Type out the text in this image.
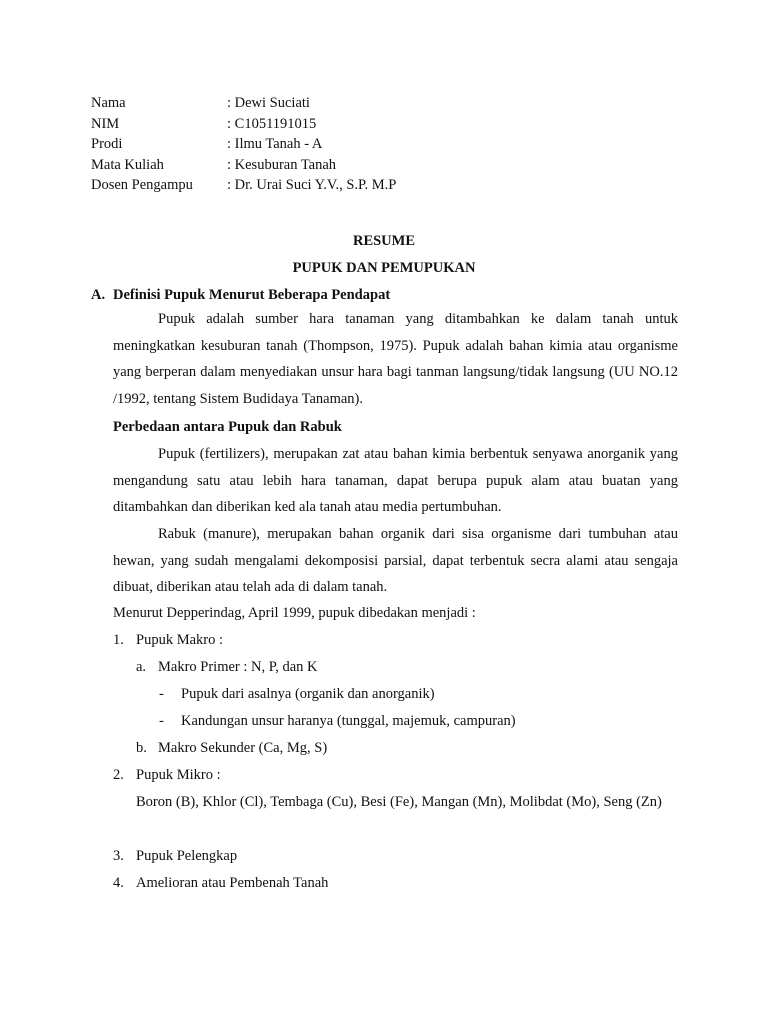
Nama	: Dewi Suciati
NIM	: C1051191015
Prodi	: Ilmu Tanah - A
Mata Kuliah	: Kesuburan Tanah
Dosen Pengampu : Dr. Urai Suci Y.V., S.P. M.P
RESUME
PUPUK DAN PEMUPUKAN
A. Definisi Pupuk Menurut Beberapa Pendapat
Pupuk adalah sumber hara tanaman yang ditambahkan ke dalam tanah untuk meningkatkan kesuburan tanah (Thompson, 1975). Pupuk adalah bahan kimia atau organisme yang berperan dalam menyediakan unsur hara bagi tanman langsung/tidak langsung (UU NO.12 /1992, tentang Sistem Budidaya Tanaman).
Perbedaan antara Pupuk dan Rabuk
Pupuk (fertilizers), merupakan zat atau bahan kimia berbentuk senyawa anorganik yang mengandung satu atau lebih hara tanaman, dapat berupa pupuk alam atau buatan yang ditambahkan dan diberikan ked ala tanah atau media pertumbuhan.
Rabuk (manure), merupakan bahan organik dari sisa organisme dari tumbuhan atau hewan, yang sudah mengalami dekomposisi parsial, dapat terbentuk secra alami atau sengaja dibuat, diberikan atau telah ada di dalam tanah.
Menurut Depperindag, April 1999, pupuk dibedakan menjadi :
1. Pupuk Makro :
a. Makro Primer : N, P, dan K
- Pupuk dari asalnya (organik dan anorganik)
- Kandungan unsur haranya (tunggal, majemuk, campuran)
b. Makro Sekunder (Ca, Mg, S)
2. Pupuk Mikro :
Boron (B), Khlor (Cl), Tembaga (Cu), Besi (Fe), Mangan (Mn), Molibdat (Mo), Seng (Zn)
3. Pupuk Pelengkap
4. Amelioran atau Pembenah Tanah
